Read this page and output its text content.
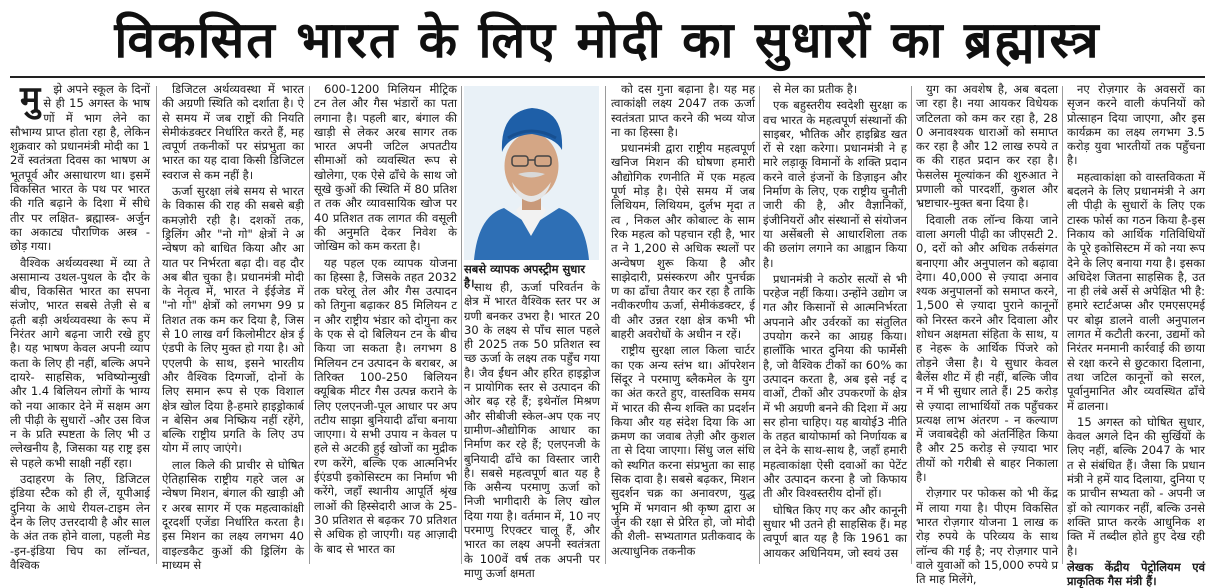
विकसित भारत के लिए मोदी का सुधारों का ब्रह्मास्त्र

मुझे अपने स्कूल के दिनों से ही 15 अगस्त के भाषणों में भाग लेने का सौभाग्य प्राप्त होता रहा है, लेकिन शुक्रवार को प्रधानमंत्री मोदी का 12वें स्वतंत्रता दिवस का भाषण अभूतपूर्व और असाधारण था। इसमें विकसित भारत के पथ पर भारत की गति बढ़ाने के दिशा में सीधे तीर पर लक्षित- ब्रह्मास्त्र- अर्जुन का अकाट्य पौराणिक अस्त्र - छोड़ गया।

वैश्विक अर्थव्यवस्था में व्या ते असामान्य उथल-पुथल के दौर के बीच, विकसित भारत का सपना संजोए, भारत सबसे तेज़ी से बढ़ती बड़ी अर्थव्यवस्था के रूप में निरंतर आगे बढ़ना जारी रखे हुए है। यह भाषण केवल अपनी व्यापकता के लिए ही नहीं, बल्कि अपने दायरे- साहसिक, भविष्योन्मुखी और 1.4 बिलियन लोगों के भाग्य को नया आकार देने में सक्षम अगली पीढ़ी के सुधारों -और उस विजन के प्रति स्पष्टता के लिए भी उल्लेखनीय है, जिसका यह राष्ट्र इससे पहले कभी साक्षी नहीं रहा।

उदाहरण के लिए, डिजिटल इंडिया स्टैक को ही लें, यूपीआई दुनिया के आधे रीयल-टाइम लेनदेन के लिए उत्तरदायी है और साल के अंत तक होने वाला, पहली मेड-इन-इंडिया चिप का लॉन्चत, वैश्विक

डिजिटल अर्थव्यवस्था में भारत की अग्रणी स्थिति को दर्शाता है। ऐसे समय में जब राष्ट्रों की नियति सेमीकंडक्टर निर्धारित करते हैं, महत्वपूर्ण तकनीकों पर संप्रभुता का भारत का यह दावा किसी डिजिटल स्वराज से कम नहीं है।

ऊर्जा सुरक्षा लंबे समय से भारत के विकास की राह की सबसे बड़ी कमज़ोरी रही है। दशकों तक, ड्रिलिंग और "नो गो" क्षेत्रों ने अन्वेषण को बाधित किया और आयात पर निर्भरता बढ़ा दी। वह दौर अब बीत चुका है। प्रधानमंत्री मोदी के नेतृत्व में, भारत ने ईईजेड में "नो गो" क्षेत्रों को लगभग 99 प्रतिशत तक कम कर दिया है, जिससे 10 लाख वर्ग किलोमीटर क्षेत्र ईएंडपी के लिए मुक्त हो गया है। ओएएलपी के साथ, इसने भारतीय और वैश्विक दिग्गजों, दोनों के लिए समान रूप से एक विशाल क्षेत्र खोल दिया है-हमारे हाइड्रोकार्बन बेसिन अब निष्क्रिय नहीं रहेंगे, बल्कि राष्ट्रीय प्रगति के लिए उपयोग में लाए जाएंगे।

लाल किले की प्राचीर से घोषित ऐतिहासिक राष्ट्रीय गहरे जल अन्वेषण मिशन, बंगाल की खाड़ी और अरब सागर में एक महत्वाकांक्षी दूरदर्शी एजेंडा निर्धारित करता है। इस मिशन का लक्ष्य लगभग 40 वाइल्डकैट कुओं की ड्रिलिंग के माध्यम से

600-1200 मिलियन मीट्रिक टन तेल और गैस भंडारों का पता लगाना है। पहली बार, बंगाल की खाड़ी से लेकर अरब सागर तक भारत अपनी जटिल अपतटीय सीमाओं को व्यवस्थित रूप से खोलेगा, एक ऐसे ढाँचे के साथ जो सूखे कुओं की स्थिति में 80 प्रतिशत तक और व्यावसायिक खोज पर 40 प्रतिशत तक लागत की वसूली की अनुमति देकर निवेश के जोखिम को कम करता है।

यह पहल एक व्यापक योजना का हिस्सा है, जिसके तहत 2032 तक घरेलू तेल और गैस उत्पादन को तिगुना बढ़ाकर 85 मिलियन टन और राष्ट्रीय भंडार को दोगुना करके एक से दो बिलियन टन के बीच किया जा सकता है। लगभग 8 मिलियन टन उत्पादन के बराबर, अतिरिक्त 100-250 बिलियन क्यूबिक मीटर गैस उत्पन्न कराने के लिए एलएनजी-पूल आधार पर अपतटीय साझा बुनियादी ढाँचा बनाया जाएगा। ये सभी उपाय न केवल पहले से अटकी हुई खोजों का मुद्रीकरण करेंगे, बल्कि एक आत्मनिर्भर ईएंडपी इकोसिस्टम का निर्माण भी करेंगे, जहाँ स्थानीय आपूर्ति श्रृंखलाओं की हिस्सेदारी आज के 25-30 प्रतिशत से बढ़कर 70 प्रतिशत से अधिक हो जाएगी। यह आज़ादी के बाद से भारत का

सबसे व्यापक अपस्ट्रीम सुधार है। साथ ही, ऊर्जा परिवर्तन के क्षेत्र में भारत वैश्विक स्तर पर अग्रणी बनकर उभरा है। भारत 2030 के लक्ष्य से पाँच साल पहले ही 2025 तक 50 प्रतिशत स्वच्छ ऊर्जा के लक्ष्य तक पहुँच गया है। जैव ईंधन और हरित हाइड्रोजन प्रायोगिक स्तर से उत्पादन की ओर बढ़ रहे हैं; इथेनॉल मिश्रण और सीबीजी स्केल-अप एक नए ग्रामीण-औद्योगिक आधार का निर्माण कर रहे हैं; एलएनजी के बुनियादी ढाँचे का विस्तार जारी है। सबसे महत्वपूर्ण बात यह है कि असैन्य परमाणु ऊर्जा को निजी भागीदारी के लिए खोल दिया गया है। वर्तमान में, 10 नए परमाणु रिएक्टर चालू हैं, और भारत का लक्ष्य अपनी स्वतंत्रता के 100वें वर्ष तक अपनी परमाणु ऊर्जा क्षमता

को दस गुना बढ़ाना है। यह महत्वाकांक्षी लक्ष्य 2047 तक ऊर्जा स्वतंत्रता प्राप्त करने की भव्य योजना का हिस्सा है।

प्रधानमंत्री द्वारा राष्ट्रीय महत्वपूर्ण खनिज मिशन की घोषणा हमारी औद्योगिक रणनीति में एक महत्वपूर्ण मोड़ है। ऐसे समय में जब लिथियम, लिथियम, दुर्लभ मृदा तत्व , निकल और कोबाल्ट के सामरिक महत्व को पहचान रही है, भारत ने 1,200 से अधिक स्थलों पर अन्वेषण शुरू किया है और साझेदारी, प्रसंस्करण और पुनर्चक्रण का ढाँचा तैयार कर रहा है ताकि नवीकरणीय ऊर्जा, सेमीकंडक्टर, ईवी और उन्नत रक्षा क्षेत्र कभी भी बाहरी अवरोधों के अधीन न रहें।

राष्ट्रीय सुरक्षा लाल किला चार्टर का एक अन्य स्तंभ था। ऑपरेशन सिंदूर ने परमाणु ब्लैकमेल के युग का अंत करते हुए, वास्तविक समय में भारत की सैन्य शक्ति का प्रदर्शन किया और यह संदेश दिया कि आक्रमण का जवाब तेज़ी और कुशलता से दिया जाएगा। सिंधु जल संधि को स्थगित करना संप्रभुता का साहसिक दावा है। सबसे बढ़कर, मिशन सुदर्शन चक्र का अनावरण, युद्धभूमि में भगवान श्री कृष्ण द्वारा अर्जुन की रक्षा से प्रेरित हो, जो मोदी की शैली- सभ्यतागत प्रतीकवाद के अत्याधुनिक तकनीक

से मेल का प्रतीक है।

एक बहुस्तरीय स्वदेशी सुरक्षा कवच भारत के महत्वपूर्ण संस्थानों की साइबर, भौतिक और हाइब्रिड खतरों से रक्षा करेगा। प्रधानमंत्री ने हमारे लड़ाकू विमानों के शक्ति प्रदान करने वाले इंजनों के डिज़ाइन और निर्माण के लिए, एक राष्ट्रीय चुनौती जारी की है, और वैज्ञानिकों, इंजीनियरों और संस्थानों से संयोजन या असेंबली से आधारशिला तक की छलांग लगाने का आह्वान किया है।

प्रधानमंत्री ने कठोर सत्यों से भी परहेज नहीं किया। उन्होंने उद्योग जगत और किसानों से आत्मनिर्भरता अपनाने और उर्वरकों का संतुलित उपयोग करने का आग्रह किया। हालाँकि भारत दुनिया की फार्मेसी है, जो वैश्विक टीकों का 60% का उत्पादन करता है, अब इसे नई दवाओं, टीकों और उपकरणों के क्षेत्र में भी अग्रणी बनने की दिशा में अग्रसर होना चाहिए। यह बायोई3 नीति के तहत बायोफार्मा को निर्णायक बल देने के साथ-साथ है, जहाँ हमारी महत्वाकांक्षा ऐसी दवाओं का पेटेंट और उत्पादन करना है जो किफायती और विश्वस्तरीय दोनों हों।

घोषित किए गए कर और कानूनी सुधार भी उतने ही साहसिक हैं। महत्वपूर्ण बात यह है कि 1961 का आयकर अधिनियम, जो स्वयं उस

युग का अवशेष है, अब बदला जा रहा है। नया आयकर विधेयक जटिलता को कम कर रहा है, 280 अनावश्यक धाराओं को समाप्त कर रहा है और 12 लाख रुपये तक की राहत प्रदान कर रहा है। फेसलेस मूल्यांकन की शुरुआत ने प्रणाली को पारदर्शी, कुशल और भ्रष्टाचार-मुक्त बना दिया है।

दिवाली तक लॉन्च किया जाने वाला अगली पीढ़ी का जीएसटी 2.0, दरों को और अधिक तर्कसंगत बनाएगा और अनुपालन को बढ़ावा देगा। 40,000 से ज़्यादा अनावश्यक अनुपालनों को समाप्त करने, 1,500 से ज़्यादा पुराने कानूनों को निरस्त करने और दिवाला और शोधन अक्षमता संहिता के साथ, यह नेहरू के आर्थिक पिंजरे को तोड़ने जैसा है। ये सुधार केवल बैलेंस शीट में ही नहीं, बल्कि जीवन में भी सुधार लाते हैं। 25 करोड़ से ज़्यादा लाभार्थियों तक पहुँचकर प्रत्यक्ष लाभ अंतरण - न कल्याण में जवाबदेही को अंतर्निहित किया है और 25 करोड़ से ज़्यादा भारतीयों को गरीबी से बाहर निकाला है।

रोज़गार पर फोकस को भी केंद्र में लाया गया है। पीएम विकसित भारत रोज़गार योजना 1 लाख करोड़ रुपये के परिव्यय के साथ लॉन्च की गई है; नए रोज़गार पाने वाले युवाओं को 15,000 रुपये प्रति माह मिलेंगे,

नए रोज़गार के अवसरों का सृजन करने वाली कंपनियों को प्रोत्साहन दिया जाएगा, और इस कार्यक्रम का लक्ष्य लगभग 3.5 करोड़ युवा भारतीयों तक पहुँचना है।

महत्वाकांक्षा को वास्तविकता में बदलने के लिए प्रधानमंत्री ने अगली पीढ़ी के सुधारों के लिए एक टास्क फोर्स का गठन किया है-इस निकाय को आर्थिक गतिविधियों के पूरे इकोसिस्टम में को नया रूप देने के लिए बनाया गया है। इसका अधिदेश जितना साहसिक है, उतना ही लंबे अर्से से अपेक्षित भी है: हमारे स्टार्टअप्स और एमएसएमई पर बोझ डालने वाली अनुपालन लागत में कटौती करना, उद्यमों को निरंतर मनमानी कार्रवाई की छाया से रक्षा करने से छुटकारा दिलाना, तथा जटिल कानूनों को सरल, पूर्वानुमानित और व्यवस्थित ढाँचे में ढालना।

15 अगस्त को घोषित सुधार, केवल अगले दिन की सुर्खियों के लिए नहीं, बल्कि 2047 के भारत से संबंधित हैं। जैसा कि प्रधानमंत्री ने हमें याद दिलाया, दुनिया एक प्राचीन सभ्यता को - अपनी जड़ों को त्यागकर नहीं, बल्कि उनसे शक्ति प्राप्त करके आधुनिक शक्ति में तब्दील होते हुए देख रही है।

लेखक केंद्रीय पेट्रोलियम एवं प्राकृतिक गैस मंत्री हैं।
